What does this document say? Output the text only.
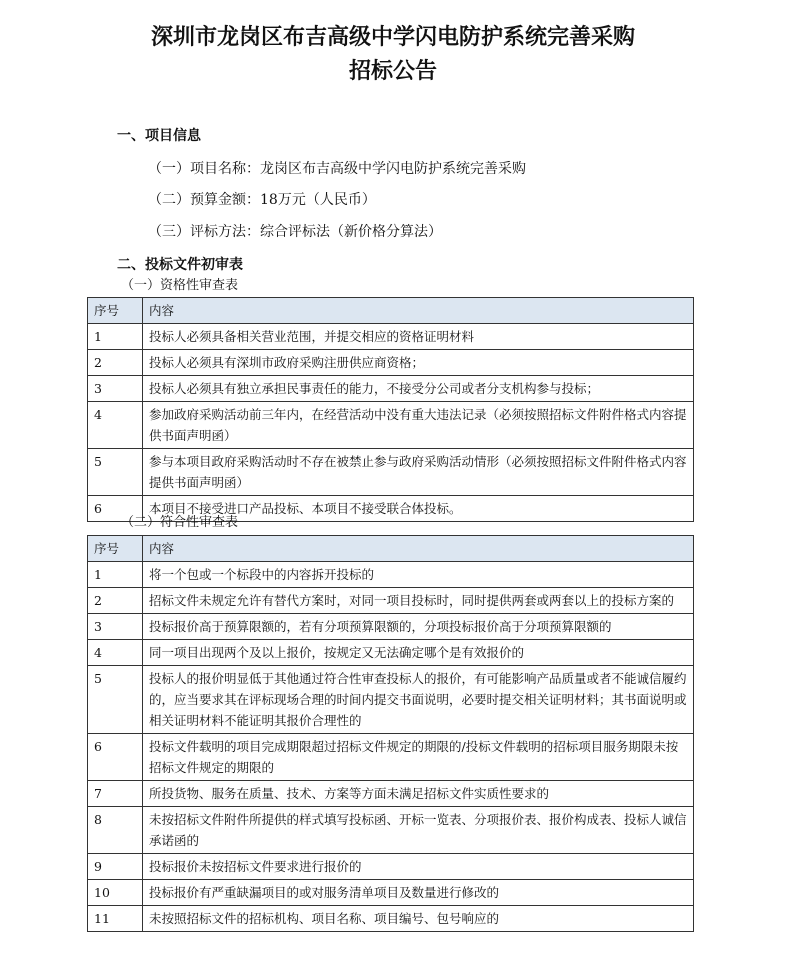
深圳市龙岗区布吉高级中学闪电防护系统完善采购
招标公告
一、项目信息
（一）项目名称：龙岗区布吉高级中学闪电防护系统完善采购
（二）预算金额：18万元（人民币）
（三）评标方法：综合评标法（新价格分算法）
二、投标文件初审表
（一）资格性审查表
序号	内容
1	投标人必须具备相关营业范围，并提交相应的资格证明材料
2	投标人必须具有深圳市政府采购注册供应商资格；
3	投标人必须具有独立承担民事责任的能力，不接受分公司或者分支机构参与投标；
4	参加政府采购活动前三年内，在经营活动中没有重大违法记录（必须按照招标文件附件格式内容提供书面声明函）
5	参与本项目政府采购活动时不存在被禁止参与政府采购活动情形（必须按照招标文件附件格式内容提供书面声明函）
6	本项目不接受进口产品投标、本项目不接受联合体投标。
（二）符合性审查表
序号	内容
1	将一个包或一个标段中的内容拆开投标的
2	招标文件未规定允许有替代方案时，对同一项目投标时，同时提供两套或两套以上的投标方案的
3	投标报价高于预算限额的，若有分项预算限额的，分项投标报价高于分项预算限额的
4	同一项目出现两个及以上报价，按规定又无法确定哪个是有效报价的
5	投标人的报价明显低于其他通过符合性审查投标人的报价，有可能影响产品质量或者不能诚信履约的，应当要求其在评标现场合理的时间内提交书面说明，必要时提交相关证明材料；其书面说明或相关证明材料不能证明其报价合理性的
6	投标文件载明的项目完成期限超过招标文件规定的期限的/投标文件载明的招标项目服务期限未按招标文件规定的期限的
7	所投货物、服务在质量、技术、方案等方面未满足招标文件实质性要求的
8	未按招标文件附件所提供的样式填写投标函、开标一览表、分项报价表、报价构成表、投标人诚信承诺函的
9	投标报价未按招标文件要求进行报价的
10	投标报价有严重缺漏项目的或对服务清单项目及数量进行修改的
11	未按照招标文件的招标机构、项目名称、项目编号、包号响应的
